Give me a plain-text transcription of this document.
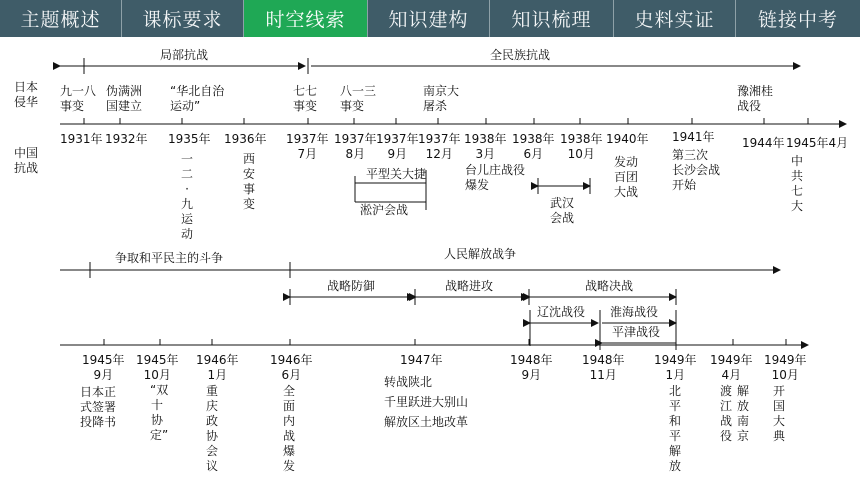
主题概述	课标要求	时空线索	知识建构	知识梳理	史料实证	链接中考
日本
侵华
中国
抗战
局部抗战	全民族抗战
九一八
事变
伪满洲
国建立
“华北自治
运动”
七七
事变
八一三
事变
南京大
屠杀
豫湘桂
战役
1931年 1932年 1935年 1936年 1937年
7月
1937年
8月
1937年
9月
1937年
12月
1938年
3月
1938年
6月
1938年
10月
1940年 1941年 1944年 1945年4月
一二·九运动
西安事变
平型关大捷
淞沪会战
台儿庄战役
爆发
武汉
会战
发动
百团
大战
第三次
长沙会战
开始
中共七大
争取和平民主的斗争	人民解放战争
战略防御	战略进攻	战略决战
辽沈战役 淮海战役
平津战役
1945年
9月
1945年
10月
1946年
1月
1946年
6月
1947年	1948年
9月
1948年
11月
1949年
1月
1949年
4月
1949年
10月
日本正
式签署
投降书
“双
十
协
定”
重庆政协会议
全面内战爆发
转战陕北
千里跃进大别山
解放区土地改革
北平和平解放
渡江战役
解放南京
开国大典
